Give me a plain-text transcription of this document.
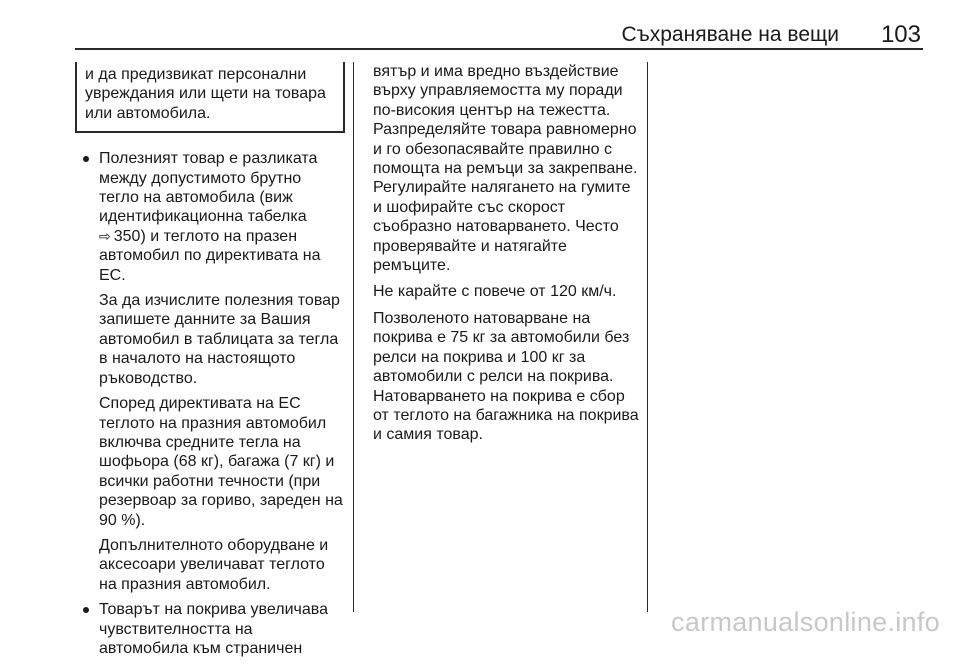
Съхраняване на вещи 103

и да предизвикат персонални увреждания или щети на товара или автомобила.

Полезният товар е разликата между допустимото брутно тегло на автомобила (виж идентификационна табелка ⇨ 350) и теглото на празен автомобил по директивата на ЕС.

За да изчислите полезния товар запишете данните за Вашия автомобил в таблицата за тегла в началото на настоящото ръководство.

Според директивата на ЕС теглото на празния автомобил включва средните тегла на шофьора (68 кг), багажа (7 кг) и всички работни течности (при резервоар за гориво, зареден на 90 %).

Допълнителното оборудване и аксесоари увеличават теглото на празния автомобил.

Товарът на покрива увеличава чувствителността на автомобила към страничен

вятър и има вредно въздействие върху управляемостта му поради по-високия център на тежестта. Разпределяйте товара равномерно и го обезопасявайте правилно с помощта на ремъци за закрепване. Регулирайте налягането на гумите и шофирайте със скорост съобразно натоварването. Често проверявайте и натягайте ремъците.

Не карайте с повече от 120 км/ч.

Позволеното натоварване на покрива е 75 кг за автомобили без релси на покрива и 100 кг за автомобили с релси на покрива. Натоварването на покрива е сбор от теглото на багажника на покрива и самия товар.

carmanualsonline.info
